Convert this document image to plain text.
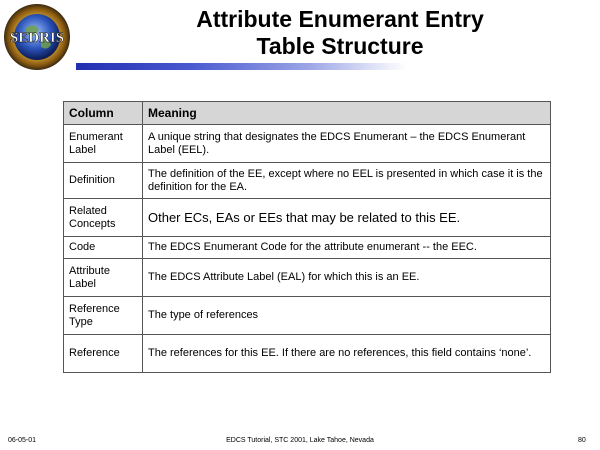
SEDRIS
Attribute Enumerant Entry
Table Structure
Column	Meaning
Enumerant Label	A unique string that designates the EDCS Enumerant – the EDCS Enumerant Label (EEL).
Definition	The definition of the EE, except where no EEL is presented in which case it is the definition for the EA.
Related Concepts	Other ECs, EAs or EEs that may be related to this EE.
Code	The EDCS Enumerant Code for the attribute enumerant -- the EEC.
Attribute Label	The EDCS Attribute Label (EAL) for which this is an EE.
Reference Type	The type of references
Reference	The references for this EE. If there are no references, this field contains ‘none’.
06-05-01	EDCS Tutorial, STC 2001, Lake Tahoe, Nevada	80
